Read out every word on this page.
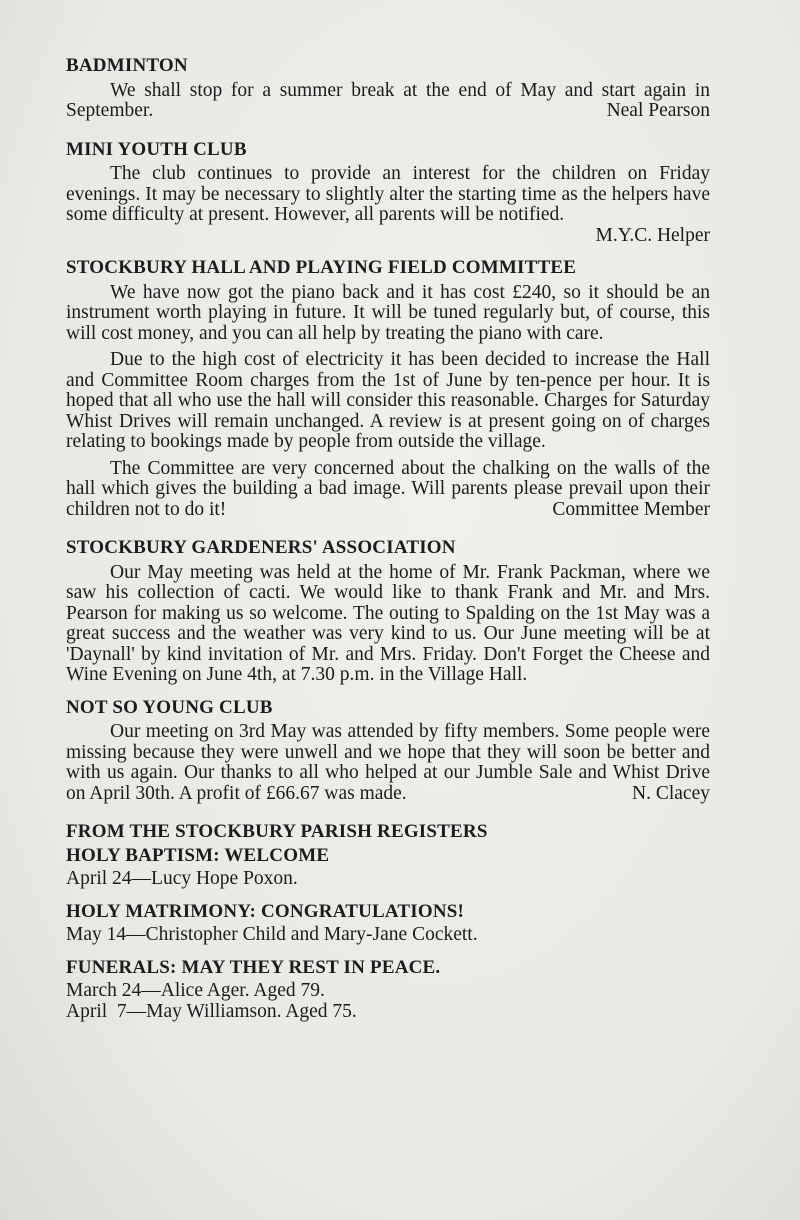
BADMINTON

We shall stop for a summer break at the end of May and start again in September.	Neal Pearson

MINI YOUTH CLUB

The club continues to provide an interest for the children on Friday evenings. It may be necessary to slightly alter the starting time as the helpers have some difficulty at present. However, all parents will be notified.
M.Y.C. Helper

STOCKBURY HALL AND PLAYING FIELD COMMITTEE

We have now got the piano back and it has cost £240, so it should be an instrument worth playing in future. It will be tuned regularly but, of course, this will cost money, and you can all help by treating the piano with care.

Due to the high cost of electricity it has been decided to increase the Hall and Committee Room charges from the 1st of June by ten-pence per hour. It is hoped that all who use the hall will consider this reasonable. Charges for Saturday Whist Drives will remain unchanged. A review is at present going on of charges relating to bookings made by people from outside the village.

The Committee are very concerned about the chalking on the walls of the hall which gives the building a bad image. Will parents please prevail upon their children not to do it!	Committee Member

STOCKBURY GARDENERS' ASSOCIATION

Our May meeting was held at the home of Mr. Frank Packman, where we saw his collection of cacti. We would like to thank Frank and Mr. and Mrs. Pearson for making us so welcome. The outing to Spalding on the 1st May was a great success and the weather was very kind to us. Our June meeting will be at 'Daynall' by kind invitation of Mr. and Mrs. Friday. Don't Forget the Cheese and Wine Evening on June 4th, at 7.30 p.m. in the Village Hall.

NOT SO YOUNG CLUB

Our meeting on 3rd May was attended by fifty members. Some people were missing because they were unwell and we hope that they will soon be better and with us again. Our thanks to all who helped at our Jumble Sale and Whist Drive on April 30th. A profit of £66.67 was made.	N. Clacey

FROM THE STOCKBURY PARISH REGISTERS
HOLY BAPTISM: WELCOME

April 24—Lucy Hope Poxon.

HOLY MATRIMONY: CONGRATULATIONS!

May 14—Christopher Child and Mary-Jane Cockett.

FUNERALS: MAY THEY REST IN PEACE.

March 24—Alice Ager. Aged 79.

April  7—May Williamson. Aged 75.
